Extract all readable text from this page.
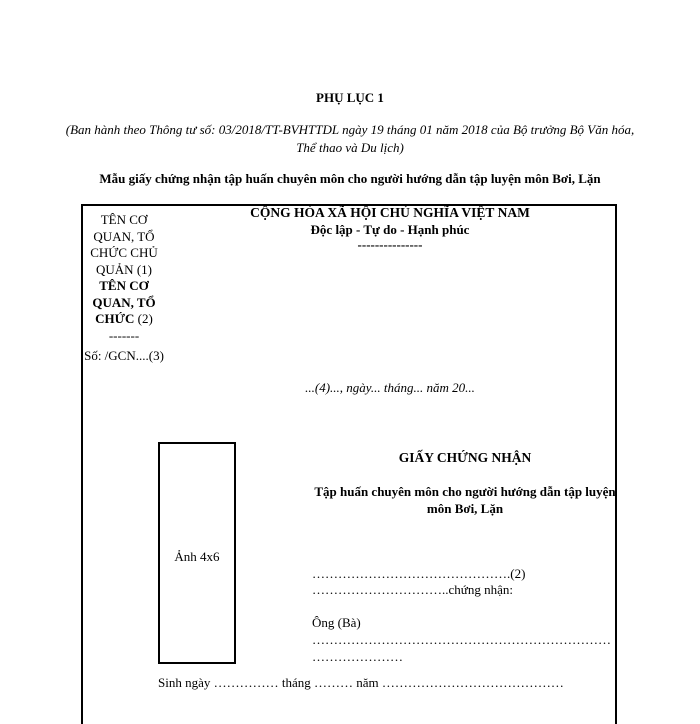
PHỤ LỤC 1
(Ban hành theo Thông tư số: 03/2018/TT-BVHTTDL ngày 19 tháng 01 năm 2018 của Bộ trưởng Bộ Văn hóa, Thể thao và Du lịch)
Mẫu giấy chứng nhận tập huấn chuyên môn cho người hướng dẫn tập luyện môn Bơi, Lặn
TÊN CƠ QUAN, TỔ CHỨC CHỦ QUẢN (1)
TÊN CƠ QUAN, TỔ CHỨC (2)
-------
Số: /GCN....(3)
CỘNG HÒA XÃ HỘI CHỦ NGHĨA VIỆT NAM
Độc lập - Tự do - Hạnh phúc
---------------
...(4)..., ngày... tháng... năm 20...
Ảnh 4x6
GIẤY CHỨNG NHẬN
Tập huấn chuyên môn cho người hướng dẫn tập luyện môn Bơi, Lặn
……………………………………….(2)
…………………………..chứng nhận:
Ông (Bà)
……………………………………………………………
…………………
Sinh ngày …………… tháng ……… năm ……………………………………
